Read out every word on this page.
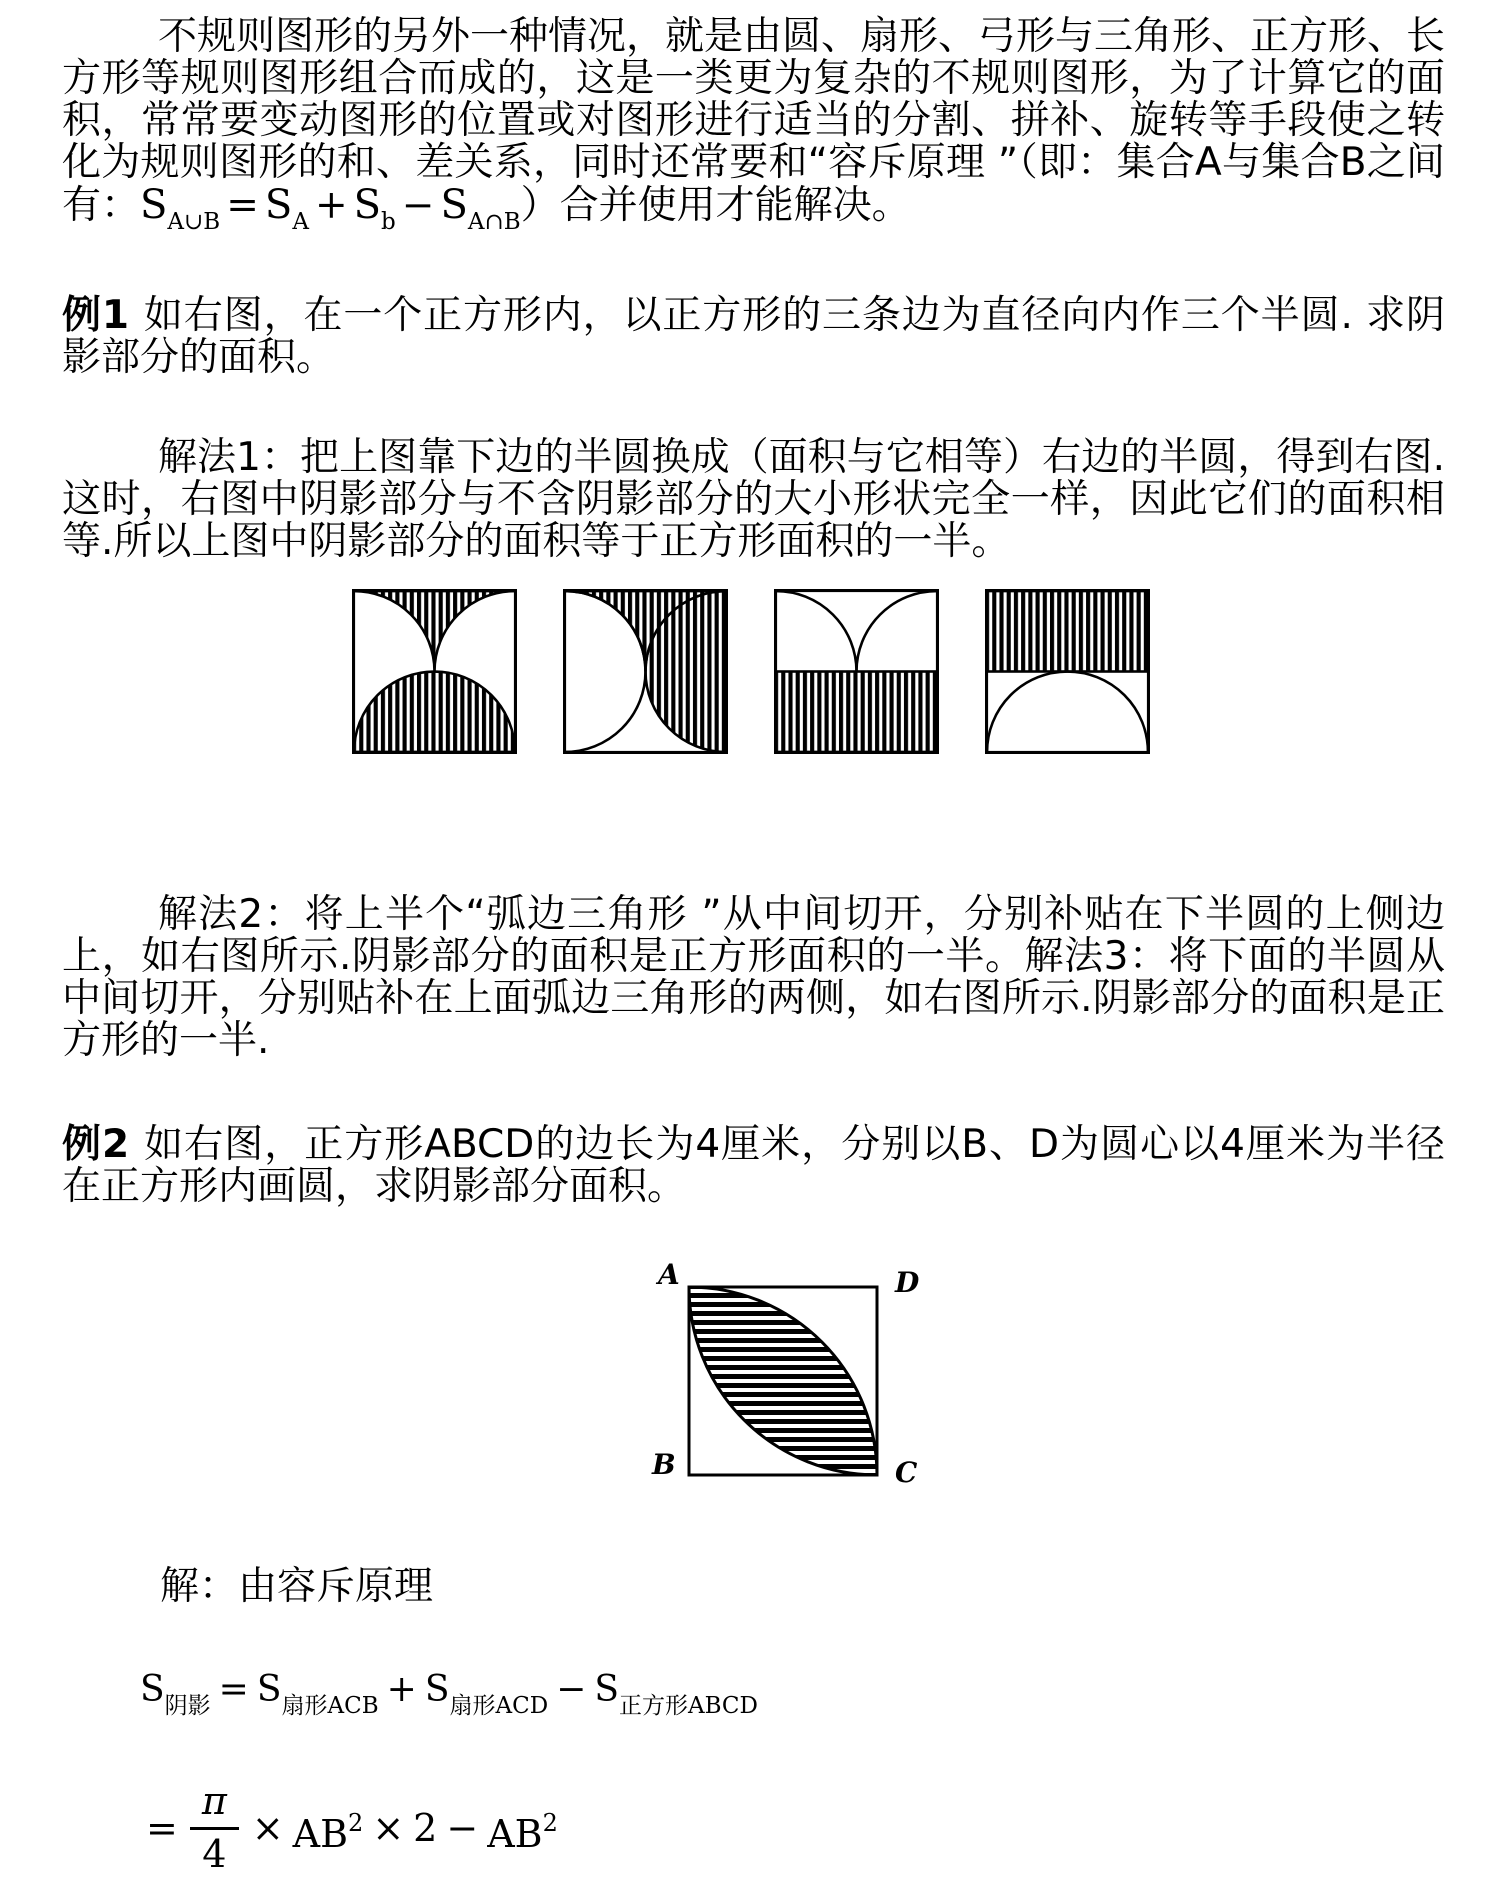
不规则图形的另外一种情况，就是由圆、扇形、弓形与三角形、正方形、长方形等规则图形组合而成的，这是一类更为复杂的不规则图形，为了计算它的面积，常常要变动图形的位置或对图形进行适当的分割、拼补、旋转等手段使之转化为规则图形的和、差关系，同时还常要和“容斥原理 ”（即：集合A与集合B之间有：$S_{A\cup B} = S_A + S_b - S_{A\cap B}$）合并使用才能解决。

例1 如右图，在一个正方形内，以正方形的三条边为直径向内作三个半圆. 求阴影部分的面积。

解法1：把上图靠下边的半圆换成（面积与它相等）右边的半圆，得到右图.这时，右图中阴影部分与不含阴影部分的大小形状完全一样，因此它们的面积相等.所以上图中阴影部分的面积等于正方形面积的一半。

解法2：将上半个“弧边三角形 ”从中间切开，分别补贴在下半圆的上侧边上，如右图所示.阴影部分的面积是正方形面积的一半。解法3：将下面的半圆从中间切开，分别贴补在上面弧边三角形的两侧，如右图所示.阴影部分的面积是正方形的一半.

例2 如右图，正方形ABCD的边长为4厘米，分别以B、D为圆心以4厘米为半径在正方形内画圆，求阴影部分面积。

A	D
B	C

解：由容斥原理

$S_{阴影} = S_{扇形ACB} + S_{扇形ACD} - S_{正方形ABCD}$
= $\frac{\pi}{4} \times AB^2 \times 2 - AB^2$
